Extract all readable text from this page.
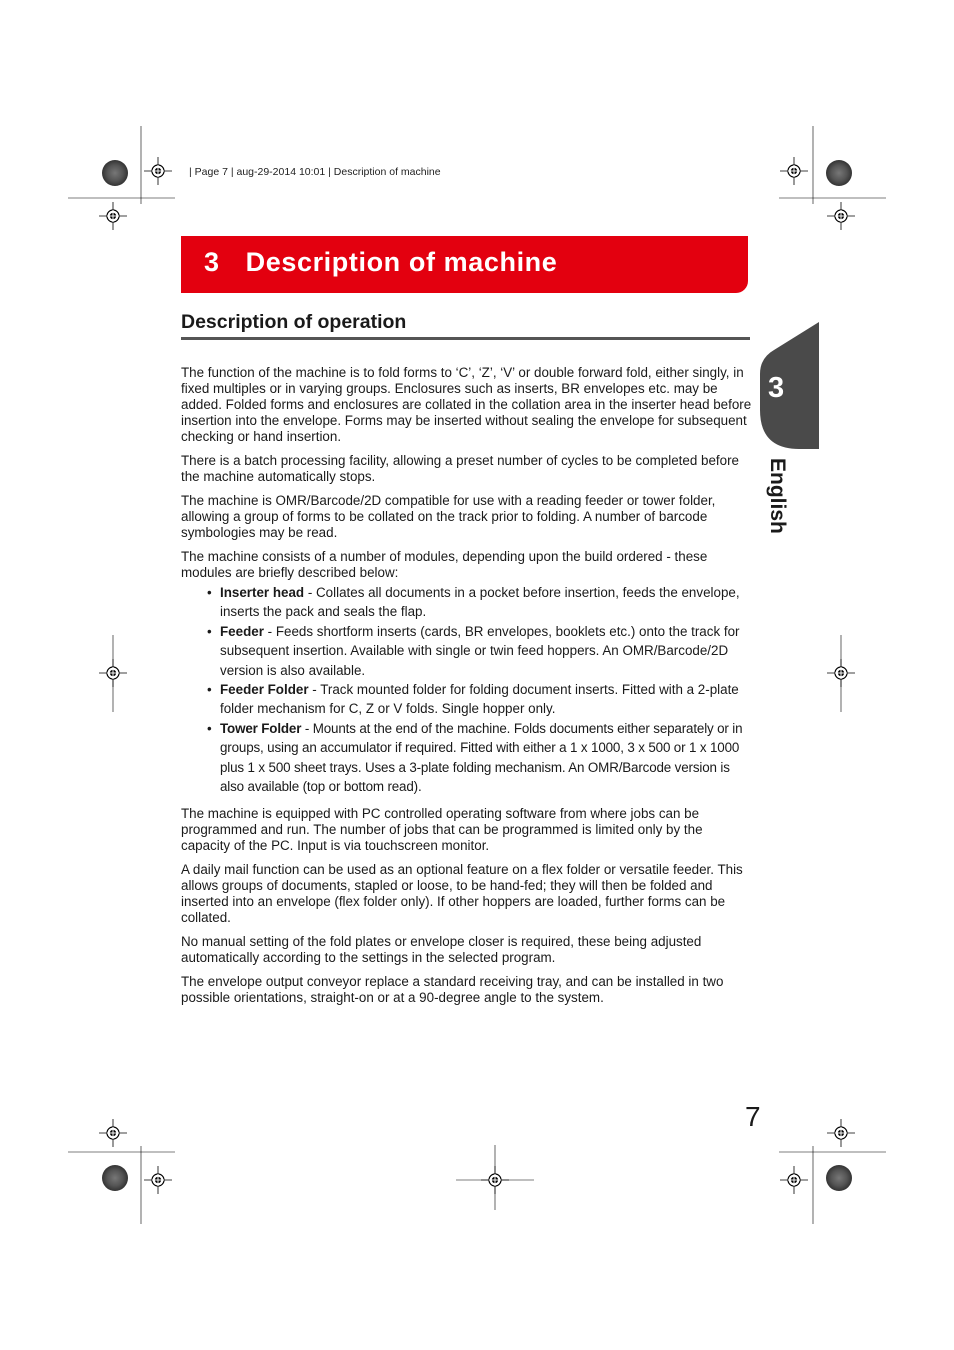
| Page 7 | aug-29-2014 10:01 | Description of machine
3 Description of machine
Description of operation

The function of the machine is to fold forms to ‘C’, ‘Z’, ‘V’ or double forward fold, either singly, in fixed multiples or in varying groups. Enclosures such as inserts, BR envelopes etc. may be added. Folded forms and enclosures are collated in the collation area in the inserter head before insertion into the envelope. Forms may be inserted without sealing the envelope for subsequent checking or hand insertion.

There is a batch processing facility, allowing a preset number of cycles to be completed before the machine automatically stops.

The machine is OMR/Barcode/2D compatible for use with a reading feeder or tower folder, allowing a group of forms to be collated on the track prior to folding. A number of barcode symbologies may be read.

The machine consists of a number of modules, depending upon the build ordered - these modules are briefly described below:

• Inserter head - Collates all documents in a pocket before insertion, feeds the envelope, inserts the pack and seals the flap.
• Feeder - Feeds shortform inserts (cards, BR envelopes, booklets etc.) onto the track for subsequent insertion. Available with single or twin feed hoppers. An OMR/Barcode/2D version is also available.
• Feeder Folder - Track mounted folder for folding document inserts. Fitted with a 2-plate folder mechanism for C, Z or V folds. Single hopper only.
• Tower Folder - Mounts at the end of the machine. Folds documents either separately or in groups, using an accumulator if required. Fitted with either a 1 x 1000, 3 x 500 or 1 x 1000 plus 1 x 500 sheet trays. Uses a 3-plate folding mechanism. An OMR/Barcode version is also available (top or bottom read).

The machine is equipped with PC controlled operating software from where jobs can be programmed and run. The number of jobs that can be programmed is limited only by the capacity of the PC. Input is via touchscreen monitor.

A daily mail function can be used as an optional feature on a flex folder or versatile feeder. This allows groups of documents, stapled or loose, to be hand-fed; they will then be folded and inserted into an envelope (flex folder only). If other hoppers are loaded, further forms can be collated.

No manual setting of the fold plates or envelope closer is required, these being adjusted automatically according to the settings in the selected program.

The envelope output conveyor replace a standard receiving tray, and can be installed in two possible orientations, straight-on or at a 90-degree angle to the system.

3
English
7
